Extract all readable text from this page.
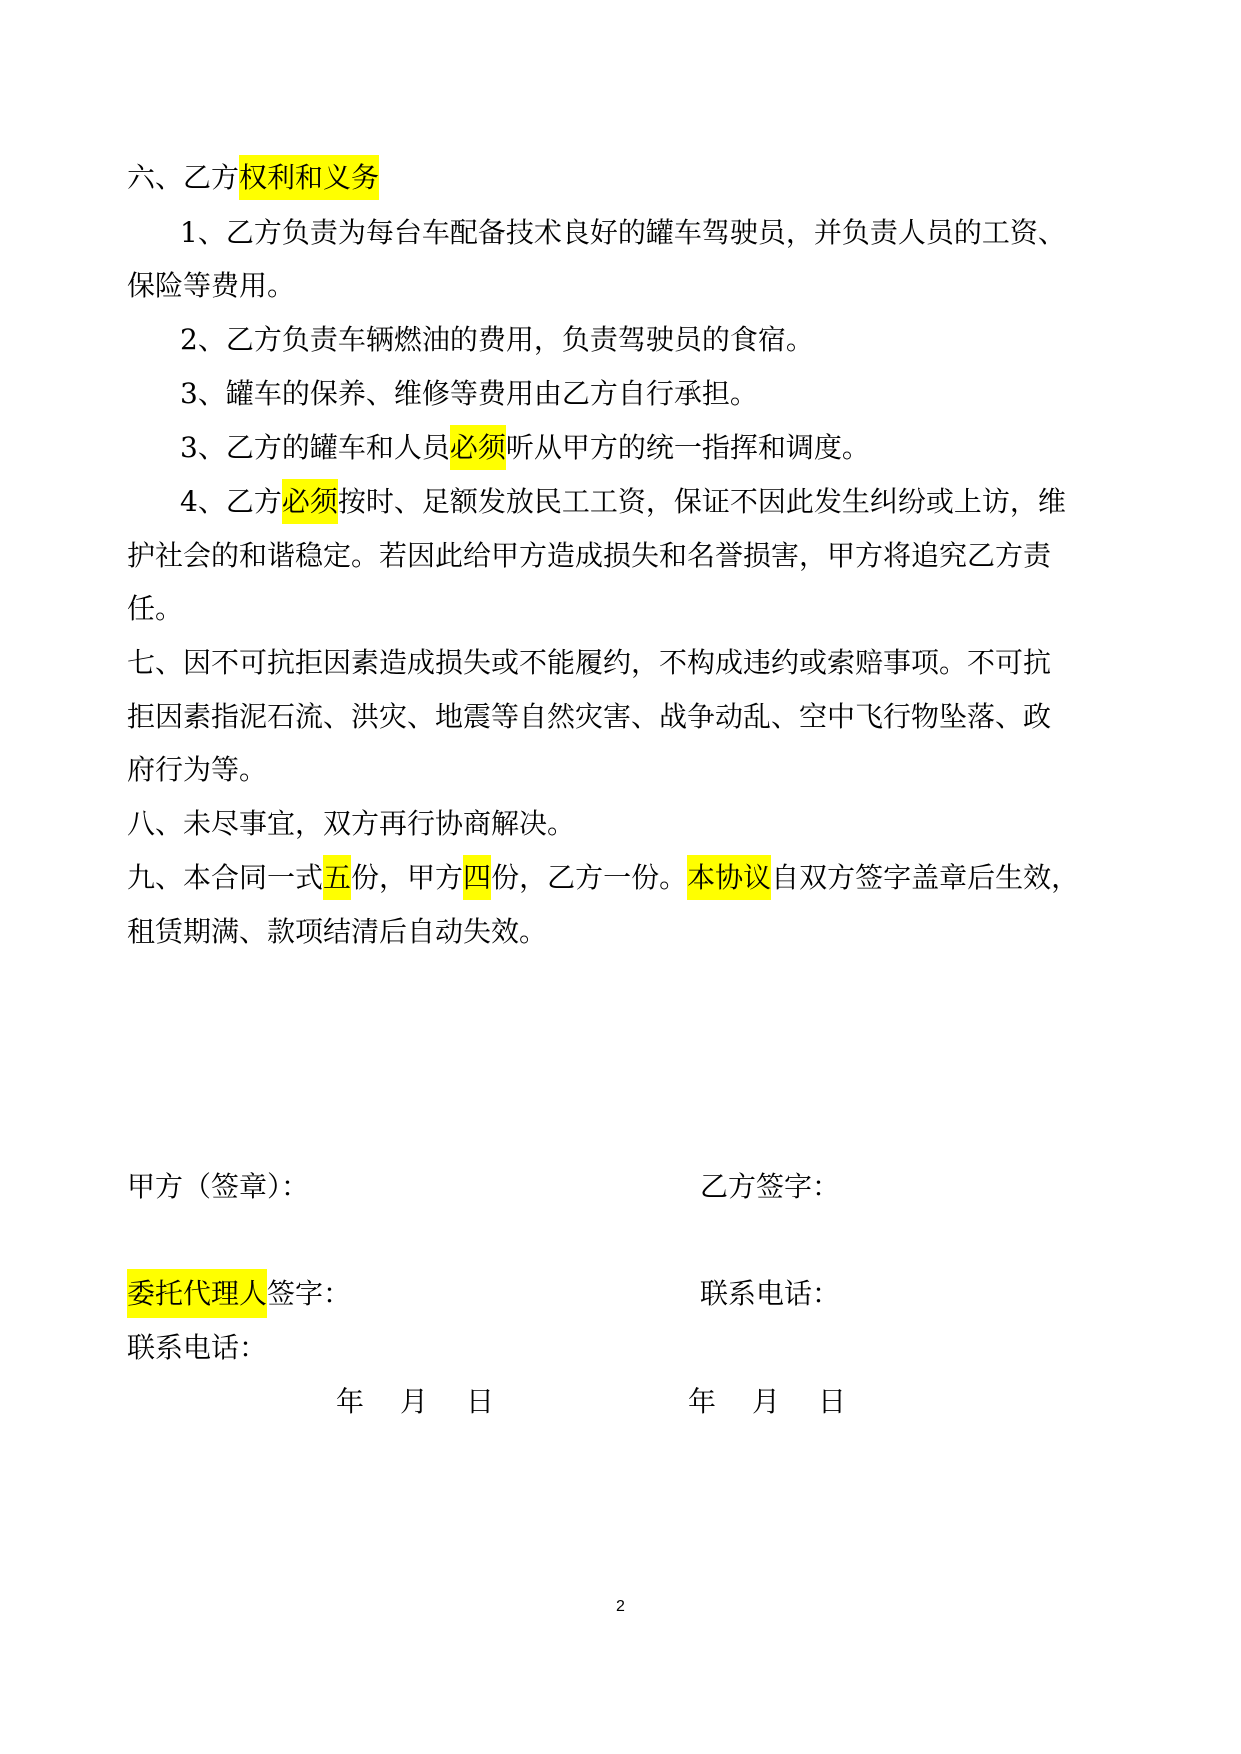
六、乙方权利和义务
1、乙方负责为每台车配备技术良好的罐车驾驶员，并负责人员的工资、
保险等费用。
2、乙方负责车辆燃油的费用，负责驾驶员的食宿。
3、罐车的保养、维修等费用由乙方自行承担。
3、乙方的罐车和人员必须听从甲方的统一指挥和调度。
4、乙方必须按时、足额发放民工工资，保证不因此发生纠纷或上访，维
护社会的和谐稳定。若因此给甲方造成损失和名誉损害，甲方将追究乙方责
任。
七、因不可抗拒因素造成损失或不能履约，不构成违约或索赔事项。不可抗
拒因素指泥石流、洪灾、地震等自然灾害、战争动乱、空中飞行物坠落、政
府行为等。
八、未尽事宜，双方再行协商解决。
九、本合同一式五份，甲方四份，乙方一份。本协议自双方签字盖章后生效，
租赁期满、款项结清后自动失效。
甲方（签章）：	乙方签字：
委托代理人签字：	联系电话：
联系电话：
年 月 日	年 月 日
2
